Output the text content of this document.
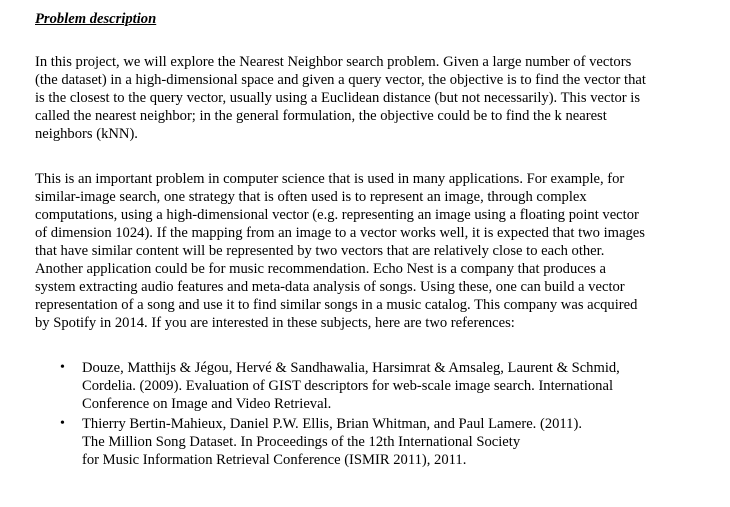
Problem description

In this project, we will explore the Nearest Neighbor search problem. Given a large number of vectors
(the dataset) in a high-dimensional space and given a query vector, the objective is to find the vector that
is the closest to the query vector, usually using a Euclidean distance (but not necessarily). This vector is
called the nearest neighbor; in the general formulation, the objective could be to find the k nearest
neighbors (kNN).

This is an important problem in computer science that is used in many applications. For example, for
similar-image search, one strategy that is often used is to represent an image, through complex
computations, using a high-dimensional vector (e.g. representing an image using a floating point vector
of dimension 1024). If the mapping from an image to a vector works well, it is expected that two images
that have similar content will be represented by two vectors that are relatively close to each other.
Another application could be for music recommendation. Echo Nest is a company that produces a
system extracting audio features and meta-data analysis of songs. Using these, one can build a vector
representation of a song and use it to find similar songs in a music catalog. This company was acquired
by Spotify in 2014. If you are interested in these subjects, here are two references:

• Douze, Matthijs & Jégou, Hervé & Sandhawalia, Harsimrat & Amsaleg, Laurent & Schmid,
Cordelia. (2009). Evaluation of GIST descriptors for web-scale image search. International
Conference on Image and Video Retrieval.
• Thierry Bertin-Mahieux, Daniel P.W. Ellis, Brian Whitman, and Paul Lamere. (2011).
The Million Song Dataset. In Proceedings of the 12th International Society
for Music Information Retrieval Conference (ISMIR 2011), 2011.
